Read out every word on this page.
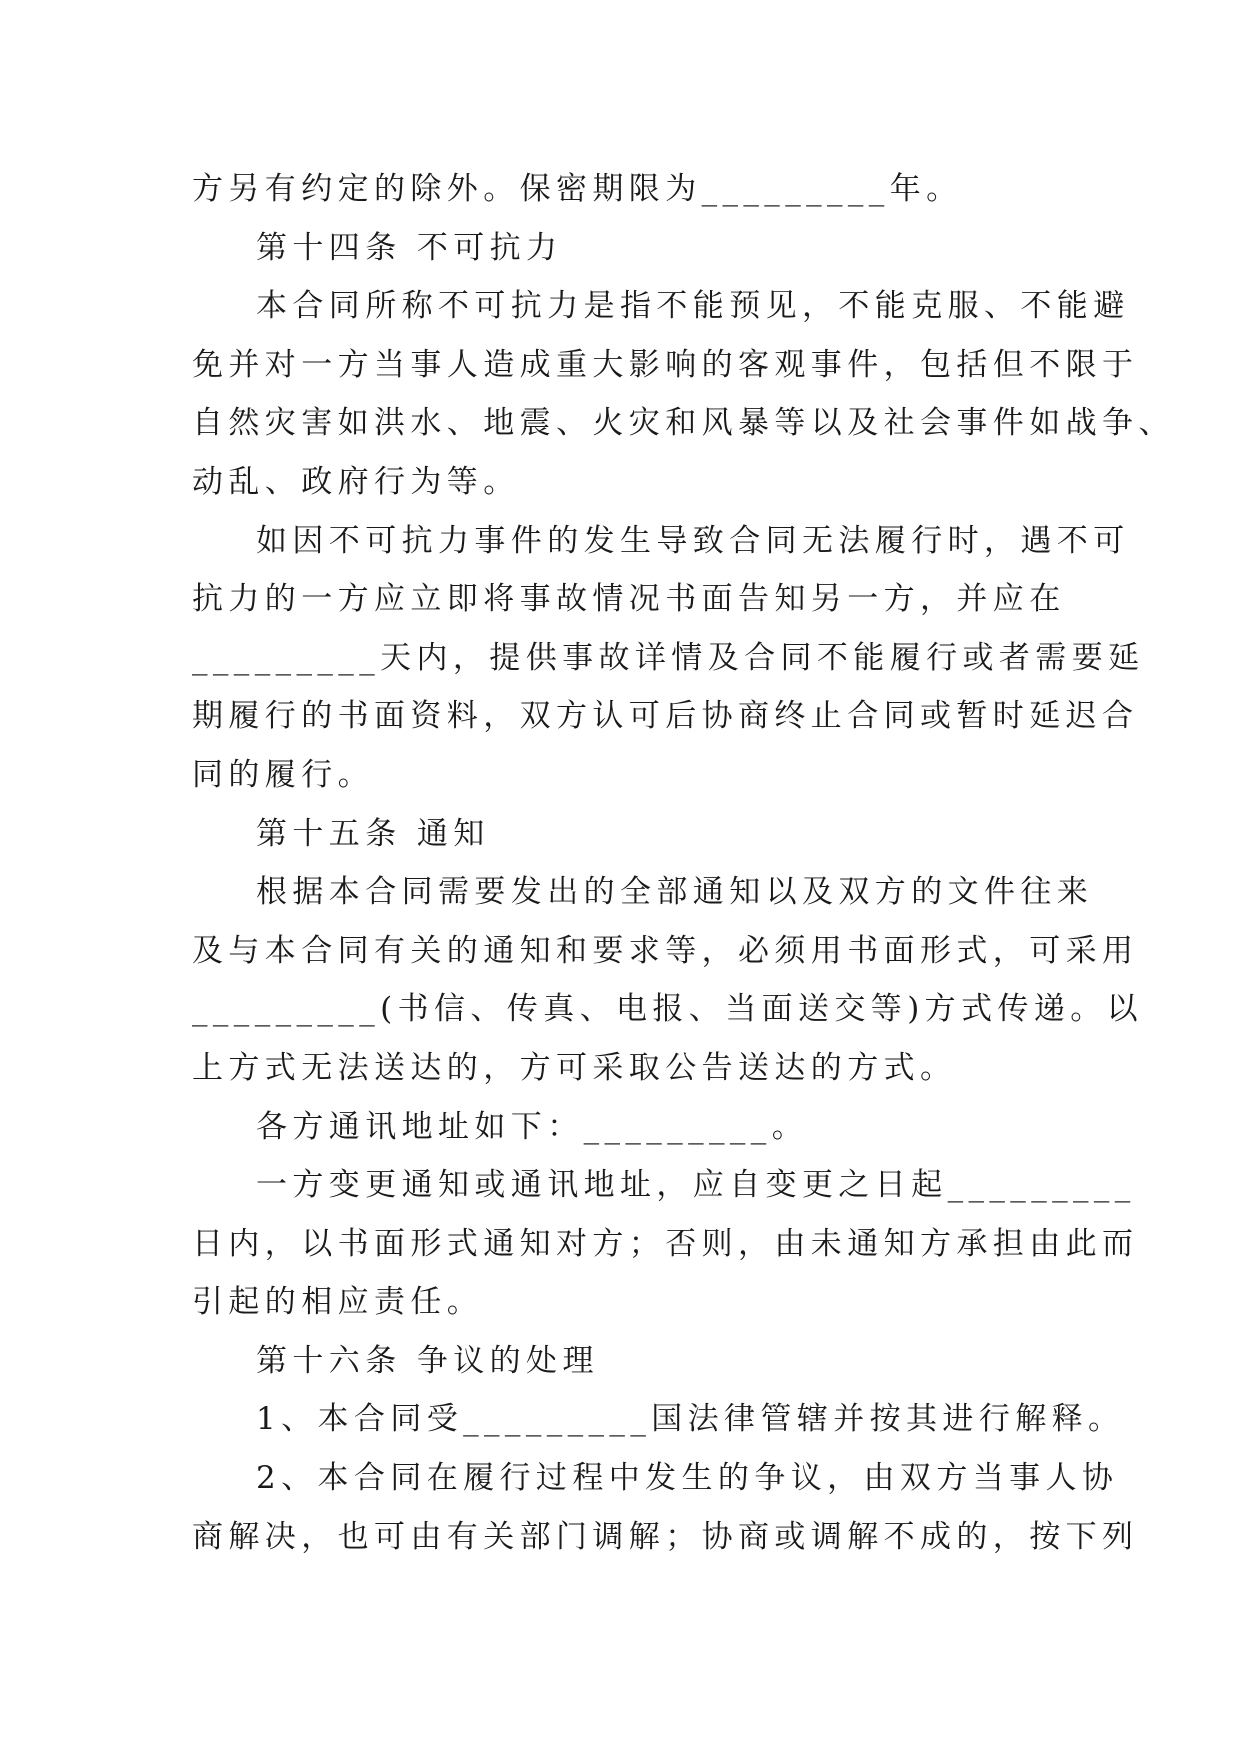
方另有约定的除外。保密期限为_________年。
第十四条 不可抗力
本合同所称不可抗力是指不能预见，不能克服、不能避
免并对一方当事人造成重大影响的客观事件，包括但不限于
自然灾害如洪水、地震、火灾和风暴等以及社会事件如战争、
动乱、政府行为等。
如因不可抗力事件的发生导致合同无法履行时，遇不可
抗力的一方应立即将事故情况书面告知另一方，并应在
_________天内，提供事故详情及合同不能履行或者需要延
期履行的书面资料，双方认可后协商终止合同或暂时延迟合
同的履行。
第十五条 通知
根据本合同需要发出的全部通知以及双方的文件往来
及与本合同有关的通知和要求等，必须用书面形式，可采用
_________(书信、传真、电报、当面送交等)方式传递。以
上方式无法送达的，方可采取公告送达的方式。
各方通讯地址如下：_________。
一方变更通知或通讯地址，应自变更之日起_________
日内，以书面形式通知对方；否则，由未通知方承担由此而
引起的相应责任。
第十六条 争议的处理
1、本合同受_________国法律管辖并按其进行解释。
2、本合同在履行过程中发生的争议，由双方当事人协
商解决，也可由有关部门调解；协商或调解不成的，按下列
